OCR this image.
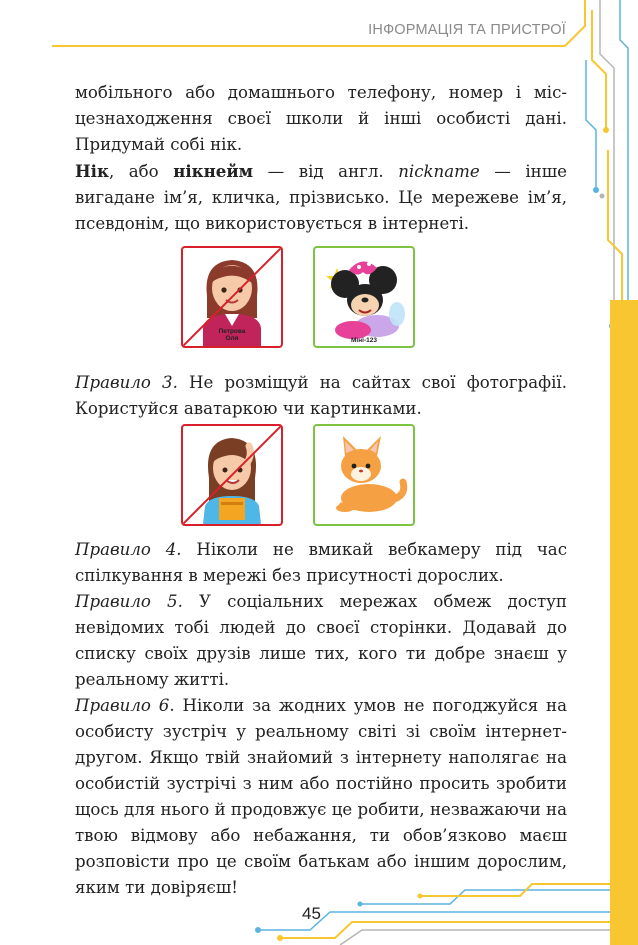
ІНФОРМАЦІЯ ТА ПРИСТРОЇ

мобільного або домашнього телефону, номер і місцезнаходження своєї школи й інші особисті дані. Придумай собі нік.

Нік, або нікнейм — від англ. nickname — інше вигадане ім’я, кличка, прізвисько. Це мережеве ім’я, псевдонім, що використовується в інтернеті.

Петрова
Оля	Міні-123

Правило 3. Не розміщуй на сайтах свої фотографії. Користуйся аватаркою чи картинками.

Правило 4. Ніколи не вмикай вебкамеру під час спілкування в мережі без присутності дорослих.

Правило 5. У соціальних мережах обмеж доступ невідомих тобі людей до своєї сторінки. Додавай до списку своїх друзів лише тих, кого ти добре знаєш у реальному житті.

Правило 6. Ніколи за жодних умов не погоджуйся на особисту зустріч у реальному світі зі своїм інтернет-другом. Якщо твій знайомий з інтернету наполягає на особистій зустрічі з ним або постійно просить зробити щось для нього й продовжує це робити, незважаючи на твою відмову або небажання, ти обов’язково маєш розповісти про це своїм батькам або іншим дорослим, яким ти довіряєш!

45
